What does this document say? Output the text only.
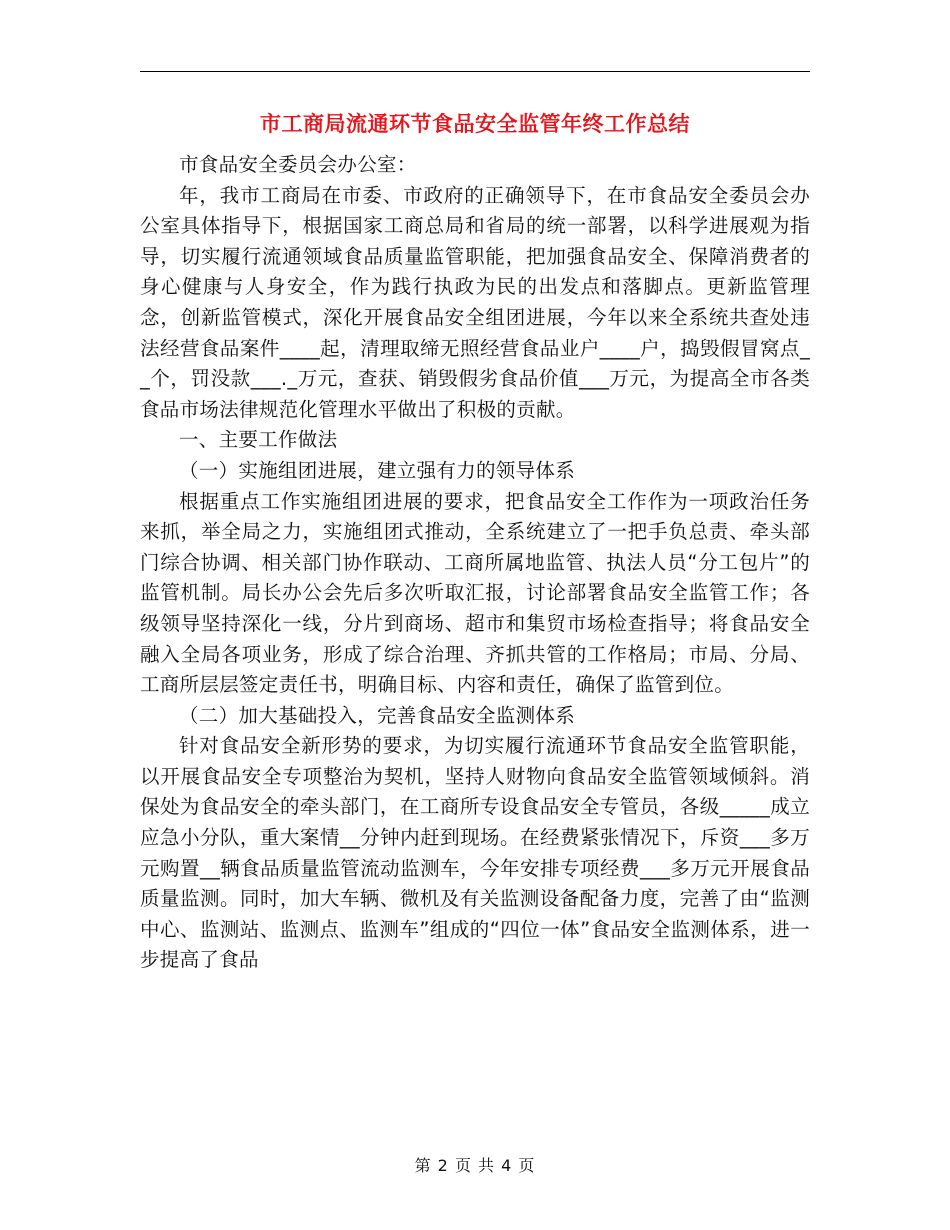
市工商局流通环节食品安全监管年终工作总结

市食品安全委员会办公室：

年，我市工商局在市委、市政府的正确领导下，在市食品安全委员会办公室具体指导下，根据国家工商总局和省局的统一部署，以科学进展观为指导，切实履行流通领域食品质量监管职能，把加强食品安全、保障消费者的身心健康与人身安全，作为践行执政为民的出发点和落脚点。更新监管理念，创新监管模式，深化开展食品安全组团进展，今年以来全系统共查处违法经营食品案件____起，清理取缔无照经营食品业户____户，捣毁假冒窝点__个，罚没款___._万元，查获、销毁假劣食品价值___万元，为提高全市各类食品市场法律规范化管理水平做出了积极的贡献。

一、主要工作做法

（一）实施组团进展，建立强有力的领导体系

根据重点工作实施组团进展的要求，把食品安全工作作为一项政治任务来抓，举全局之力，实施组团式推动，全系统建立了一把手负总责、牵头部门综合协调、相关部门协作联动、工商所属地监管、执法人员“分工包片”的监管机制。局长办公会先后多次听取汇报，讨论部署食品安全监管工作；各级领导坚持深化一线，分片到商场、超市和集贸市场检查指导；将食品安全融入全局各项业务，形成了综合治理、齐抓共管的工作格局；市局、分局、工商所层层签定责任书，明确目标、内容和责任，确保了监管到位。

（二）加大基础投入，完善食品安全监测体系

针对食品安全新形势的要求，为切实履行流通环节食品安全监管职能，以开展食品安全专项整治为契机，坚持人财物向食品安全监管领域倾斜。消保处为食品安全的牵头部门，在工商所专设食品安全专管员，各级_____成立应急小分队，重大案情__分钟内赶到现场。在经费紧张情况下，斥资___多万元购置__辆食品质量监管流动监测车，今年安排专项经费___多万元开展食品质量监测。同时，加大车辆、微机及有关监测设备配备力度，完善了由“监测中心、监测站、监测点、监测车”组成的“四位一体”食品安全监测体系，进一步提高了食品

第 2 页 共 4 页
